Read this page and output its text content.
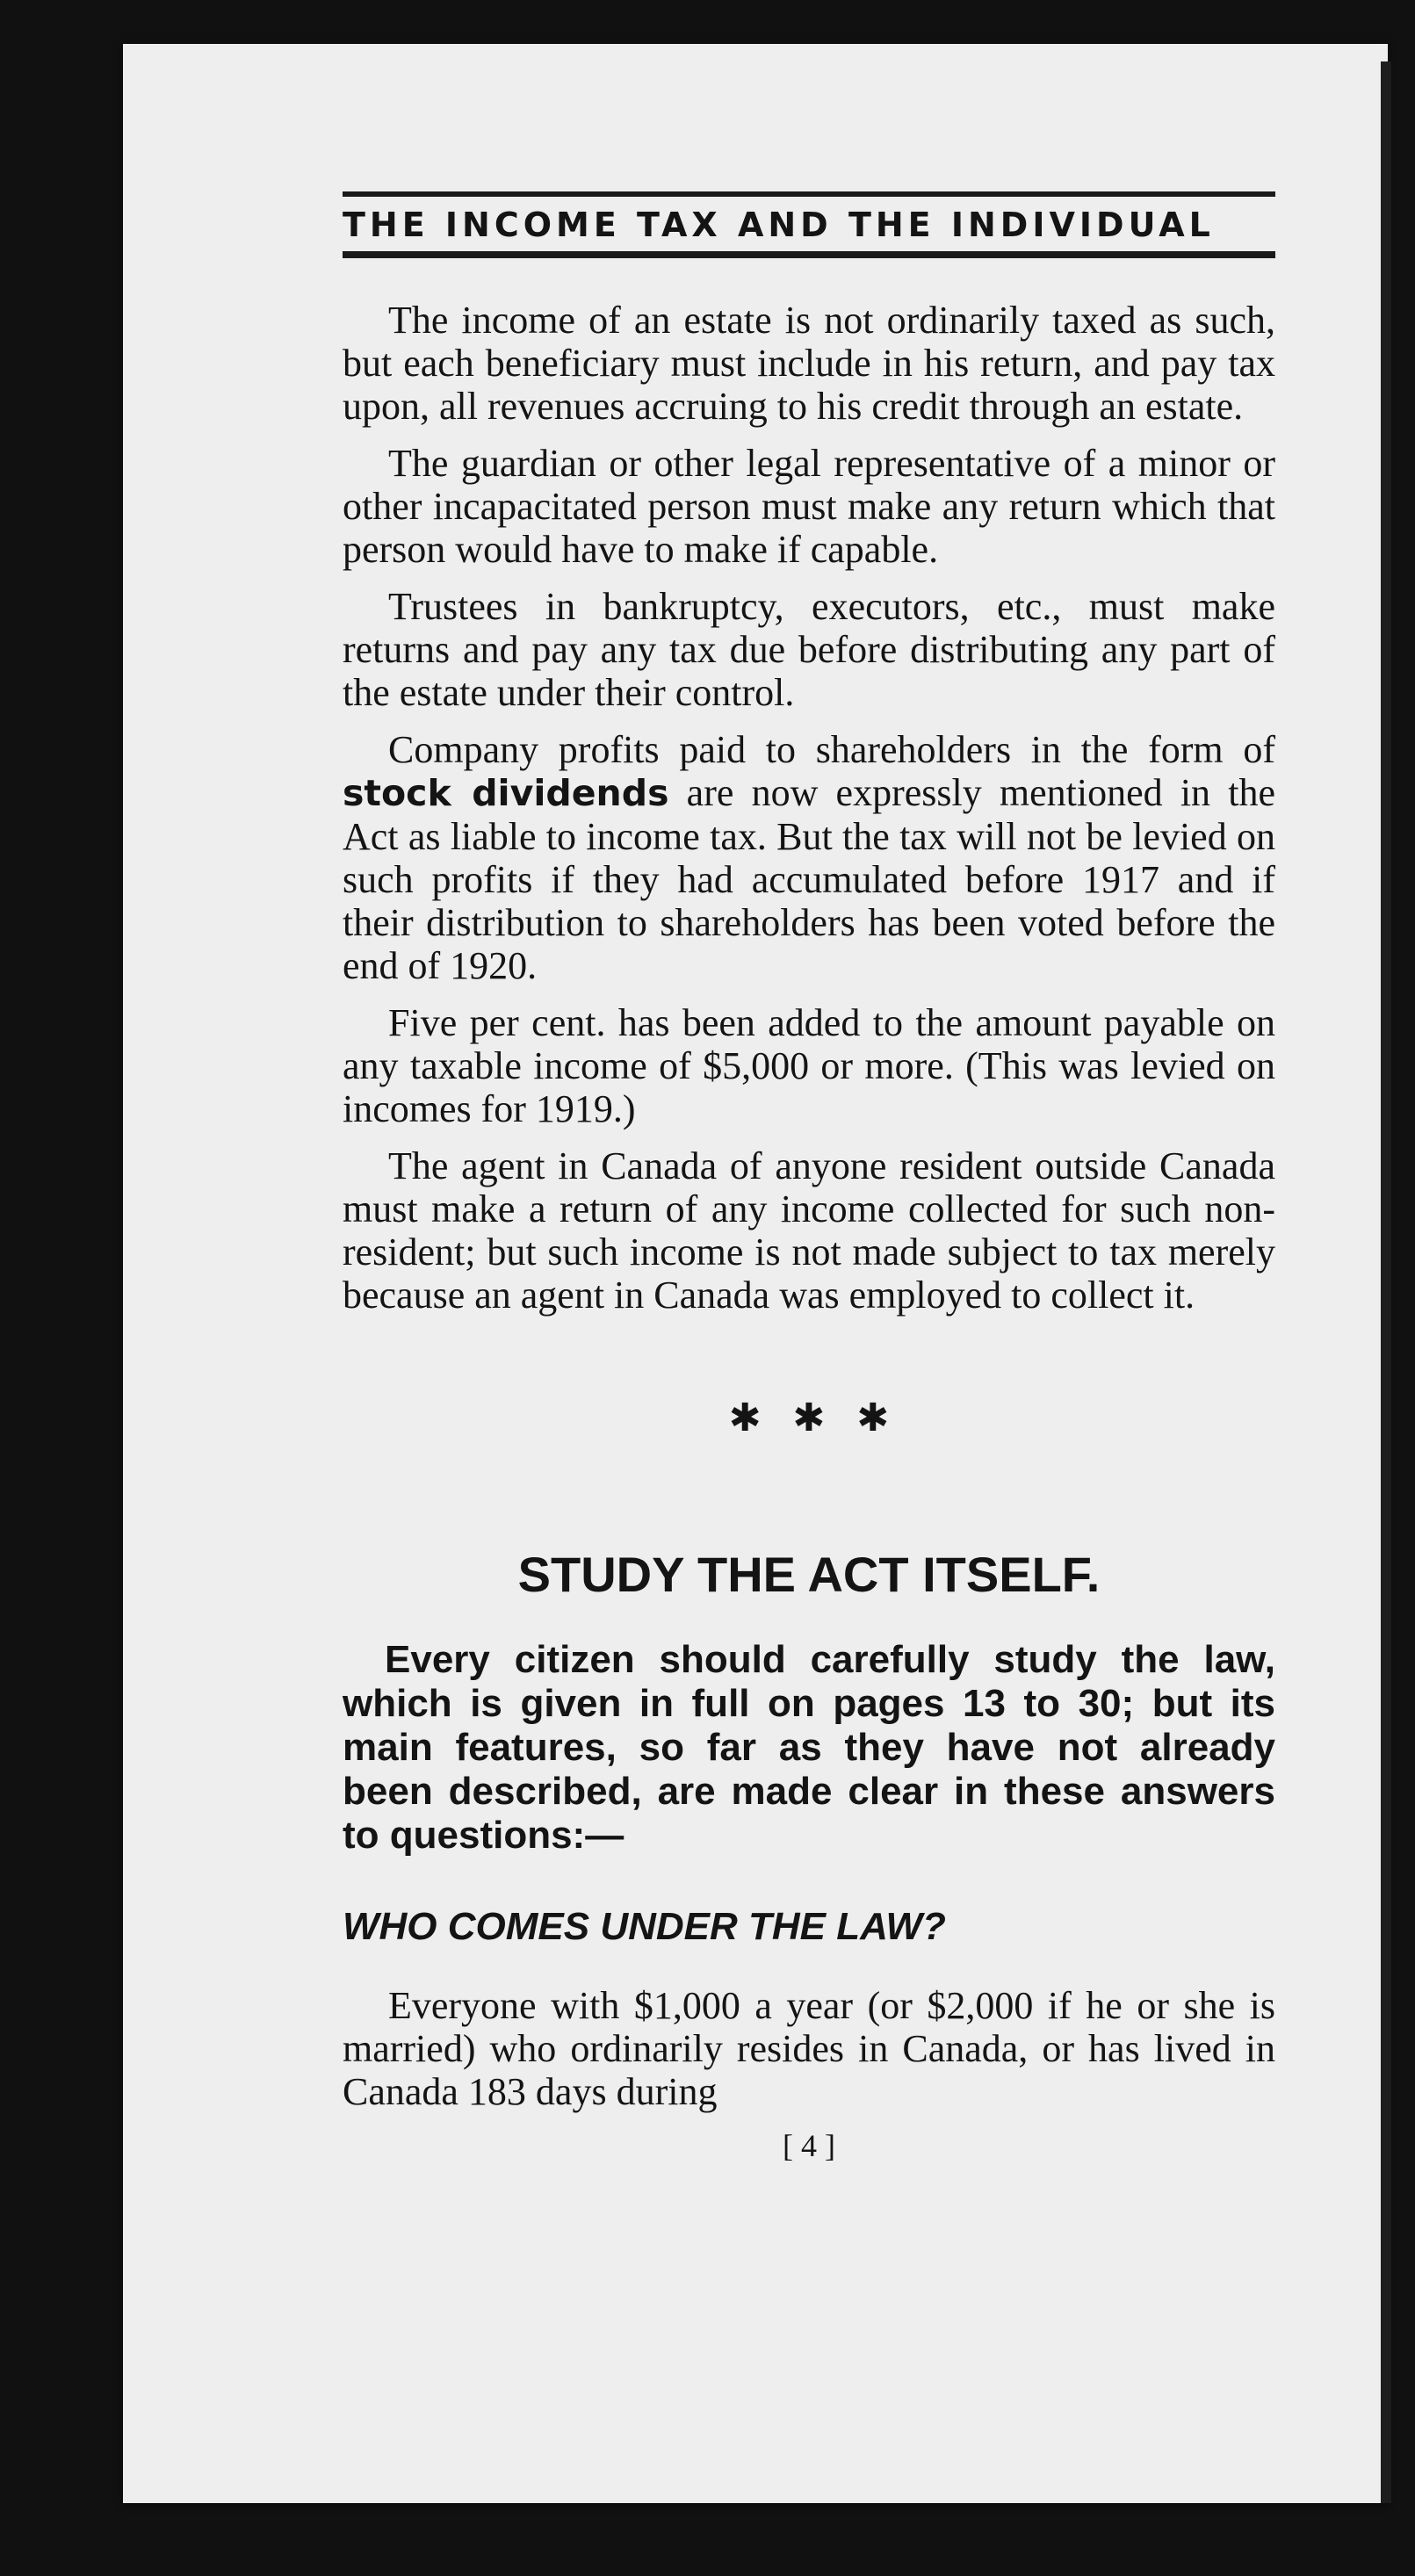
THE INCOME TAX AND THE INDIVIDUAL

The income of an estate is not ordinarily taxed as such, but each beneficiary must include in his return, and pay tax upon, all revenues accruing to his credit through an estate.

The guardian or other legal representative of a minor or other incapacitated person must make any return which that person would have to make if capable.

Trustees in bankruptcy, executors, etc., must make returns and pay any tax due before distributing any part of the estate under their control.

Company profits paid to shareholders in the form of stock dividends are now expressly mentioned in the Act as liable to income tax. But the tax will not be levied on such profits if they had accumulated before 1917 and if their distribution to shareholders has been voted before the end of 1920.

Five per cent. has been added to the amount payable on any taxable income of $5,000 or more. (This was levied on incomes for 1919.)

The agent in Canada of anyone resident outside Canada must make a return of any income collected for such non-resident; but such income is not made subject to tax merely because an agent in Canada was employed to collect it.

✱✱✱
STUDY THE ACT ITSELF.

Every citizen should carefully study the law, which is given in full on pages 13 to 30; but its main features, so far as they have not already been described, are made clear in these answers to questions:—

WHO COMES UNDER THE LAW?

Everyone with $1,000 a year (or $2,000 if he or she is married) who ordinarily resides in Canada, or has lived in Canada 183 days during

[ 4 ]
